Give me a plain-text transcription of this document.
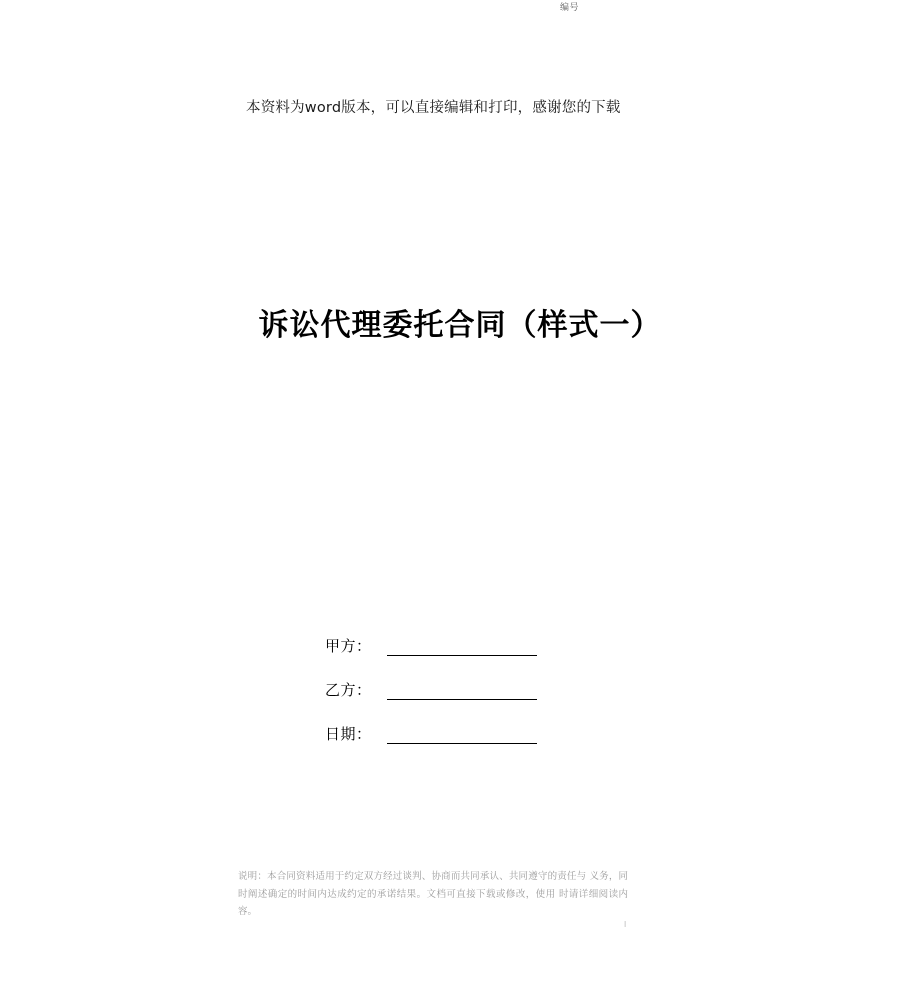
编号
本资料为word版本，可以直接编辑和打印，感谢您的下载
诉讼代理委托合同（样式一）
甲方：
乙方：
日期：
说明：本合同资料适用于约定双方经过谈判、协商而共同承认、共同遵守的责任与 义务，同时阐述确定的时间内达成约定的承诺结果。文档可直接下载或修改，使用 时请详细阅读内容。
l
